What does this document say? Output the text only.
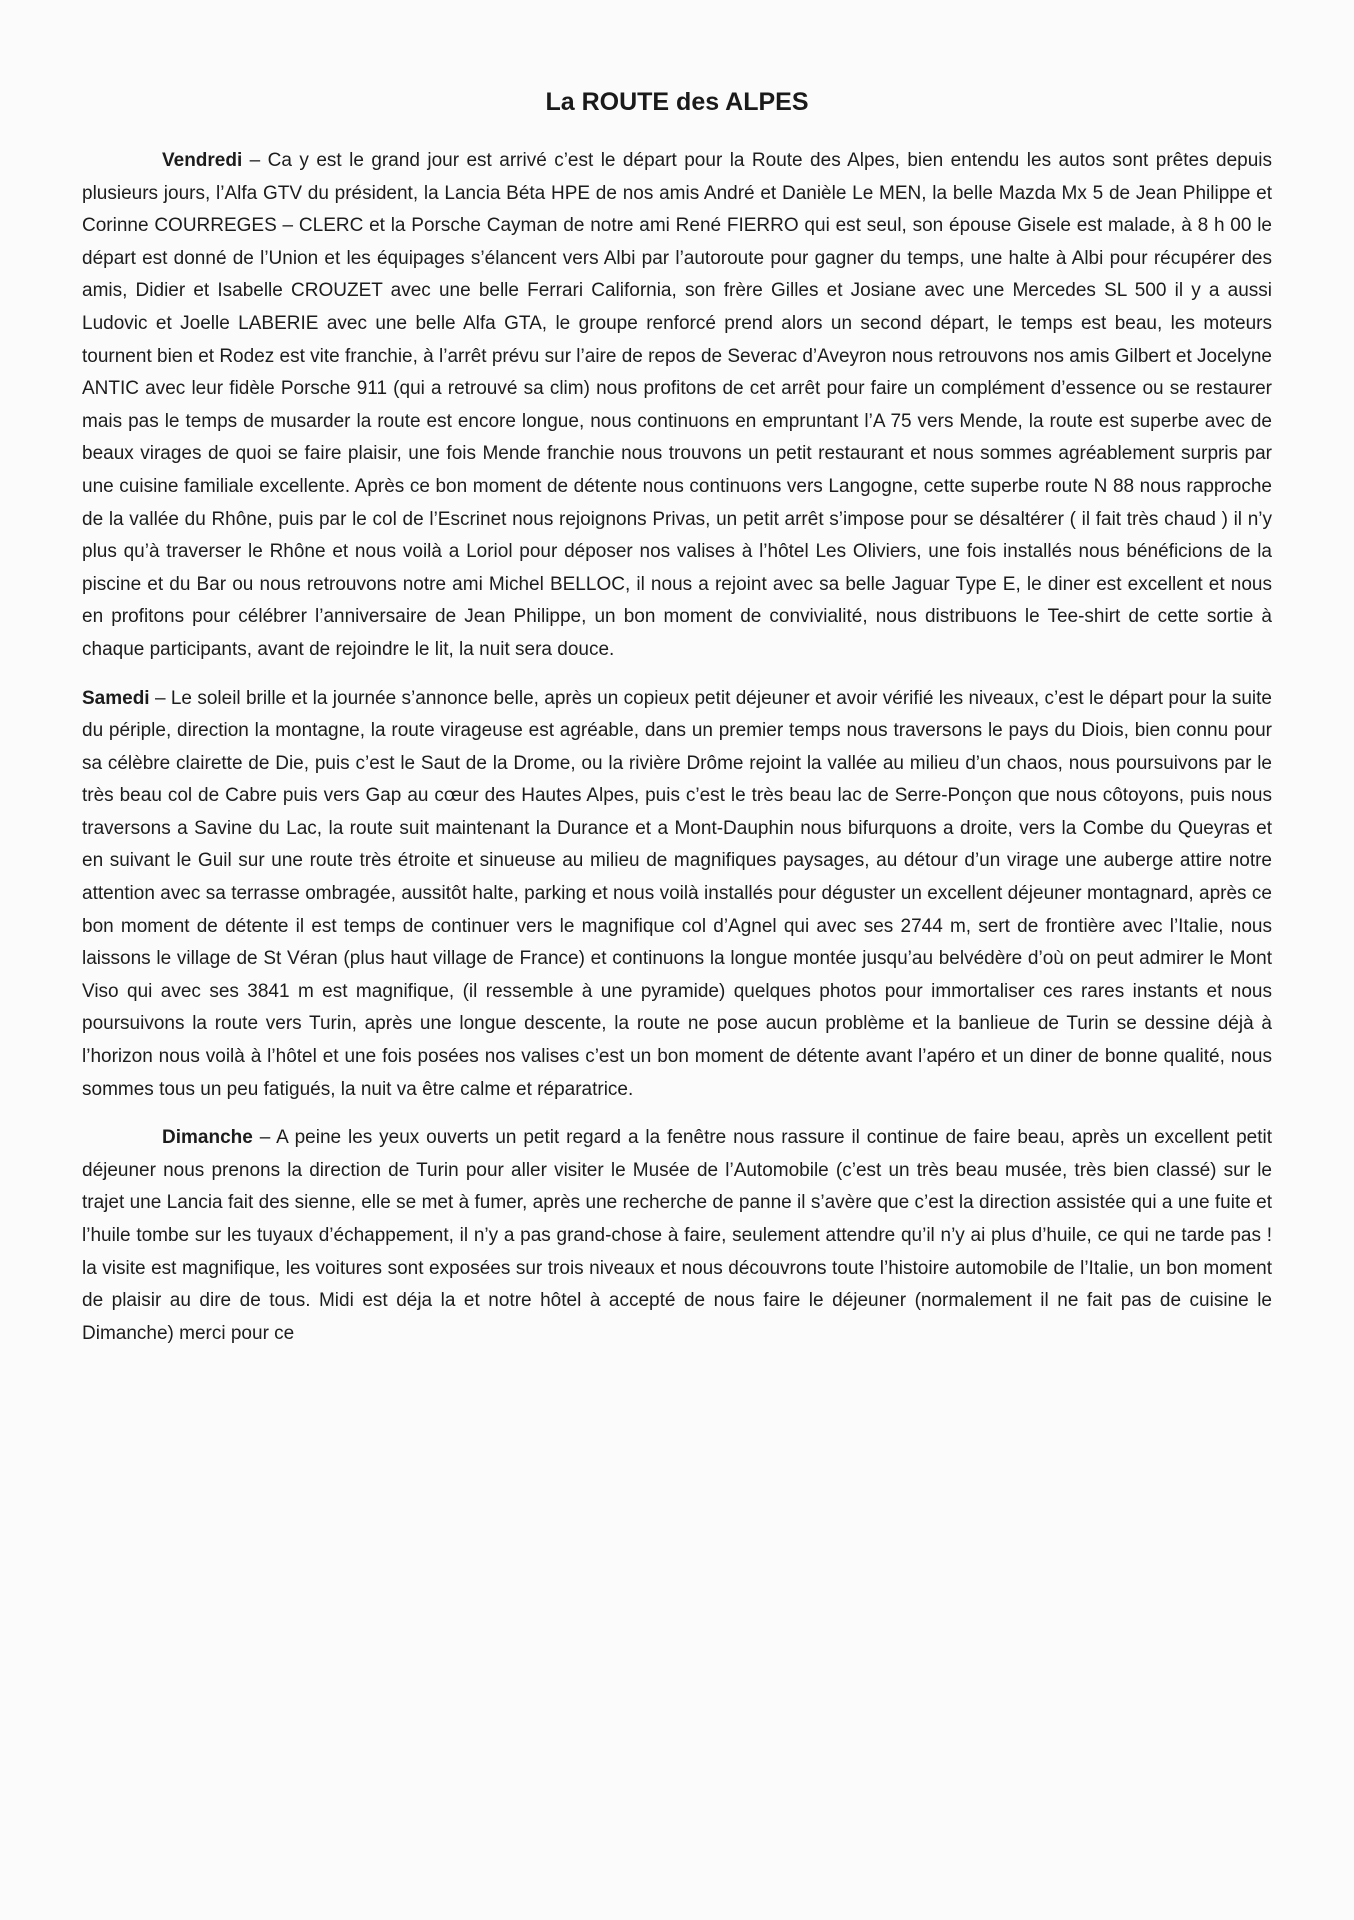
La ROUTE des ALPES

Vendredi – Ca y est le grand jour est arrivé c’est le départ pour la Route des Alpes, bien entendu les autos sont prêtes depuis plusieurs jours, l’Alfa GTV du président, la Lancia Béta HPE de nos amis André et Danièle Le MEN, la belle Mazda Mx 5 de Jean Philippe et Corinne COURREGES – CLERC et la Porsche Cayman de notre ami René FIERRO qui est seul, son épouse Gisele est malade, à 8 h 00 le départ est donné de l’Union et les équipages s’élancent vers Albi par l’autoroute pour gagner du temps, une halte à Albi pour récupérer des amis, Didier et Isabelle CROUZET avec une belle Ferrari California, son frère Gilles et Josiane avec une Mercedes SL 500 il y a aussi Ludovic et Joelle LABERIE avec une belle Alfa GTA, le groupe renforcé prend alors un second départ, le temps est beau, les moteurs tournent bien et Rodez est vite franchie, à l’arrêt prévu sur l’aire de repos de Severac d’Aveyron nous retrouvons nos amis Gilbert et Jocelyne ANTIC avec leur fidèle Porsche 911 (qui a retrouvé sa clim) nous profitons de cet arrêt pour faire un complément d’essence ou se restaurer mais pas le temps de musarder la route est encore longue, nous continuons en empruntant l’A 75 vers Mende, la route est superbe avec de beaux virages de quoi se faire plaisir, une fois Mende franchie nous trouvons un petit restaurant et nous sommes agréablement surpris par une cuisine familiale excellente. Après ce bon moment de détente nous continuons vers Langogne, cette superbe route N 88 nous rapproche de la vallée du Rhône, puis par le col de l’Escrinet nous rejoignons Privas, un petit arrêt s’impose pour se désaltérer ( il fait très chaud ) il n’y plus qu’à traverser le Rhône et nous voilà a Loriol pour déposer nos valises à l’hôtel Les Oliviers, une fois installés nous bénéficions de la piscine et du Bar ou nous retrouvons notre ami Michel BELLOC, il nous a rejoint avec sa belle Jaguar Type E, le diner est excellent et nous en profitons pour célébrer l’anniversaire de Jean Philippe, un bon moment de convivialité, nous distribuons le Tee-shirt de cette sortie à chaque participants, avant de rejoindre le lit, la nuit sera douce.

Samedi – Le soleil brille et la journée s’annonce belle, après un copieux petit déjeuner et avoir vérifié les niveaux, c’est le départ pour la suite du périple, direction la montagne, la route virageuse est agréable, dans un premier temps nous traversons le pays du Diois, bien connu pour sa célèbre clairette de Die, puis c’est le Saut de la Drome, ou la rivière Drôme rejoint la vallée au milieu d’un chaos, nous poursuivons par le très beau col de Cabre puis vers Gap au cœur des Hautes Alpes, puis c’est le très beau lac de Serre-Ponçon que nous côtoyons, puis nous traversons a Savine du Lac, la route suit maintenant la Durance et a Mont-Dauphin nous bifurquons a droite, vers la Combe du Queyras et en suivant le Guil sur une route très étroite et sinueuse au milieu de magnifiques paysages, au détour d’un virage une auberge attire notre attention avec sa terrasse ombragée, aussitôt halte, parking et nous voilà installés pour déguster un excellent déjeuner montagnard, après ce bon moment de détente il est temps de continuer vers le magnifique col d’Agnel qui avec ses 2744 m, sert de frontière avec l’Italie, nous laissons le village de St Véran (plus haut village de France) et continuons la longue montée jusqu’au belvédère d’où on peut admirer le Mont Viso qui avec ses 3841 m est magnifique, (il ressemble à une pyramide) quelques photos pour immortaliser ces rares instants et nous poursuivons la route vers Turin, après une longue descente, la route ne pose aucun problème et la banlieue de Turin se dessine déjà à l’horizon nous voilà à l’hôtel et une fois posées nos valises c’est un bon moment de détente avant l’apéro et un diner de bonne qualité, nous sommes tous un peu fatigués, la nuit va être calme et réparatrice.

Dimanche – A peine les yeux ouverts un petit regard a la fenêtre nous rassure il continue de faire beau, après un excellent petit déjeuner nous prenons la direction de Turin pour aller visiter le Musée de l’Automobile (c’est un très beau musée, très bien classé) sur le trajet une Lancia fait des sienne, elle se met à fumer, après une recherche de panne il s’avère que c’est la direction assistée qui a une fuite et l’huile tombe sur les tuyaux d’échappement, il n’y a pas grand-chose à faire, seulement attendre qu’il n’y ai plus d’huile, ce qui ne tarde pas ! la visite est magnifique, les voitures sont exposées sur trois niveaux et nous découvrons toute l’histoire automobile de l’Italie, un bon moment de plaisir au dire de tous. Midi est déja la et notre hôtel à accepté de nous faire le déjeuner (normalement il ne fait pas de cuisine le Dimanche) merci pour ce
